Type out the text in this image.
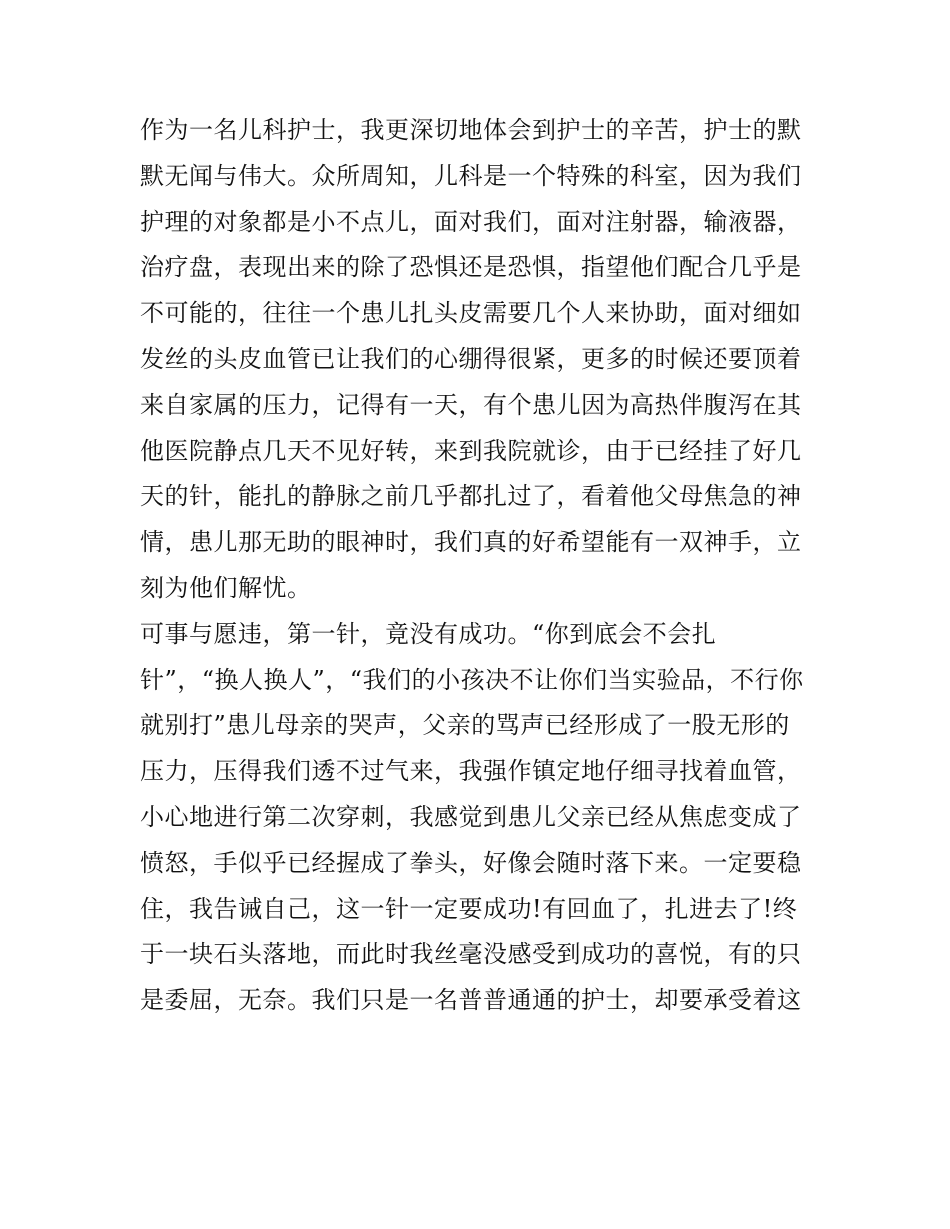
作为一名儿科护士，我更深切地体会到护士的辛苦，护士的默
默无闻与伟大。众所周知，儿科是一个特殊的科室，因为我们
护理的对象都是小不点儿，面对我们，面对注射器，输液器，
治疗盘，表现出来的除了恐惧还是恐惧，指望他们配合几乎是
不可能的，往往一个患儿扎头皮需要几个人来协助，面对细如
发丝的头皮血管已让我们的心绷得很紧，更多的时候还要顶着
来自家属的压力，记得有一天，有个患儿因为高热伴腹泻在其
他医院静点几天不见好转，来到我院就诊，由于已经挂了好几
天的针，能扎的静脉之前几乎都扎过了，看着他父母焦急的神
情，患儿那无助的眼神时，我们真的好希望能有一双神手，立
刻为他们解忧。
可事与愿违，第一针，竟没有成功。“你到底会不会扎
针”，“换人换人”，“我们的小孩决不让你们当实验品，不行你
就别打”患儿母亲的哭声，父亲的骂声已经形成了一股无形的
压力，压得我们透不过气来，我强作镇定地仔细寻找着血管，
小心地进行第二次穿刺，我感觉到患儿父亲已经从焦虑变成了
愤怒，手似乎已经握成了拳头，好像会随时落下来。一定要稳
住，我告诫自己，这一针一定要成功!有回血了，扎进去了!终
于一块石头落地，而此时我丝毫没感受到成功的喜悦，有的只
是委屈，无奈。我们只是一名普普通通的护士，却要承受着这
